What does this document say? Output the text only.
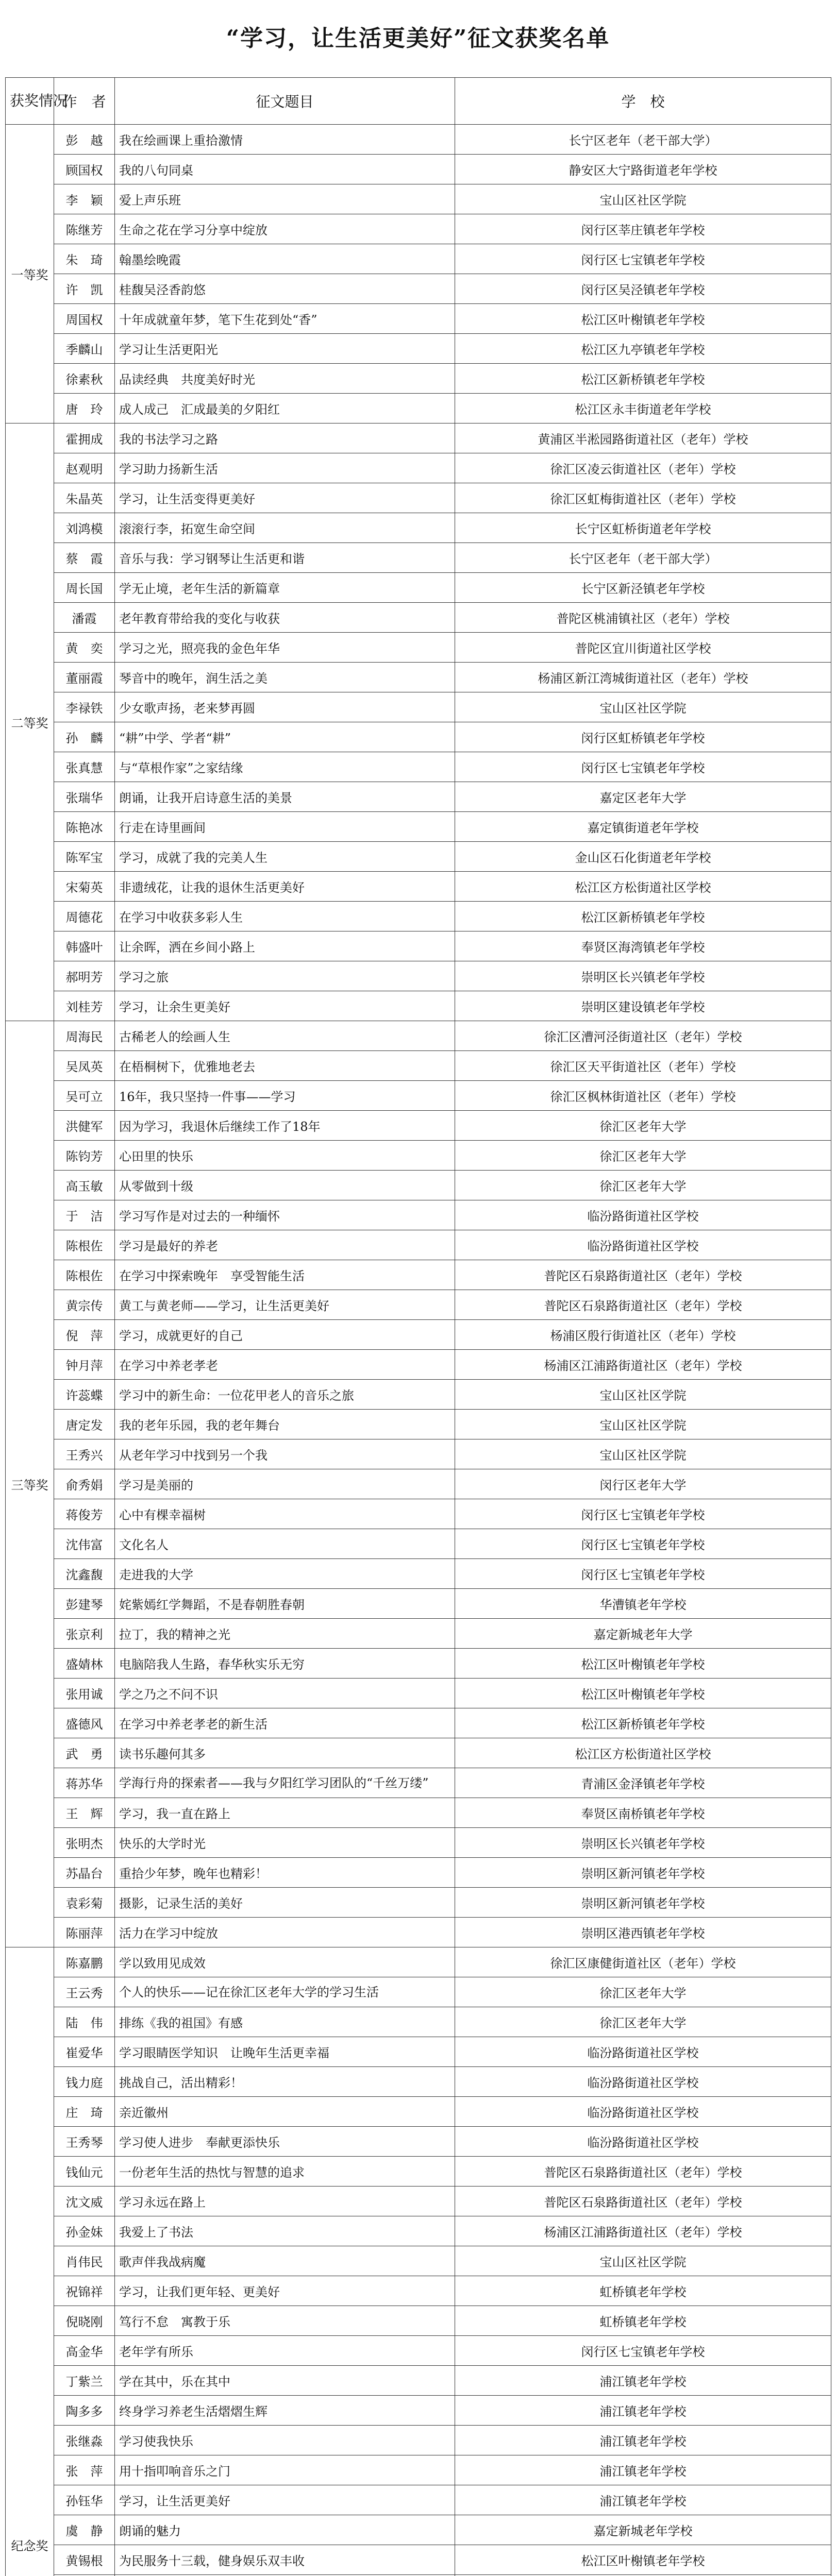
“学习，让生活更美好”征文获奖名单
获奖情况	作　者	征文题目	学　校
一等奖	彭　越	我在绘画课上重拾激情	长宁区老年（老干部大学）
	顾国权	我的八句同桌	静安区大宁路街道老年学校
	李　颖	爱上声乐班	宝山区社区学院
	陈继芳	生命之花在学习分享中绽放	闵行区莘庄镇老年学校
	朱　琦	翰墨绘晚霞	闵行区七宝镇老年学校
	许　凯	桂馥吴泾香韵悠	闵行区吴泾镇老年学校
	周国权	十年成就童年梦，笔下生花到处“香”	松江区叶榭镇老年学校
	季麟山	学习让生活更阳光	松江区九亭镇老年学校
	徐素秋	品读经典　共度美好时光	松江区新桥镇老年学校
	唐　玲	成人成己　汇成最美的夕阳红	松江区永丰街道老年学校
二等奖	霍拥成	我的书法学习之路	黄浦区半淞园路街道社区（老年）学校
	赵观明	学习助力扬新生活	徐汇区凌云街道社区（老年）学校
	朱晶英	学习，让生活变得更美好	徐汇区虹梅街道社区（老年）学校
	刘鸿模	滚滚行李，拓宽生命空间	长宁区虹桥街道老年学校
	蔡　霞	音乐与我：学习钢琴让生活更和谐	长宁区老年（老干部大学）
	周长国	学无止境，老年生活的新篇章	长宁区新泾镇老年学校
	潘霞	老年教育带给我的变化与收获	普陀区桃浦镇社区（老年）学校
	黄　奕	学习之光，照亮我的金色年华	普陀区宜川街道社区学校
	董丽霞	琴音中的晚年，润生活之美	杨浦区新江湾城街道社区（老年）学校
	李禄铁	少女歌声扬，老来梦再圆	宝山区社区学院
	孙　麟	“耕”中学、学者“耕”	闵行区虹桥镇老年学校
	张真慧	与“草根作家”之家结缘	闵行区七宝镇老年学校
	张瑞华	朗诵，让我开启诗意生活的美景	嘉定区老年大学
	陈艳冰	行走在诗里画间	嘉定镇街道老年学校
	陈军宝	学习，成就了我的完美人生	金山区石化街道老年学校
	宋菊英	非遗绒花，让我的退休生活更美好	松江区方松街道社区学校
	周德花	在学习中收获多彩人生	松江区新桥镇老年学校
	韩盛叶	让余晖，洒在乡间小路上	奉贤区海湾镇老年学校
	郝明芳	学习之旅	崇明区长兴镇老年学校
	刘桂芳	学习，让余生更美好	崇明区建设镇老年学校
三等奖	周海民	古稀老人的绘画人生	徐汇区漕河泾街道社区（老年）学校
	吴凤英	在梧桐树下，优雅地老去	徐汇区天平街道社区（老年）学校
	吴可立	16年，我只坚持一件事——学习	徐汇区枫林街道社区（老年）学校
	洪健军	因为学习，我退休后继续工作了18年	徐汇区老年大学
	陈钧芳	心田里的快乐	徐汇区老年大学
	高玉敏	从零做到十级	徐汇区老年大学
	于　洁	学习写作是对过去的一种缅怀	临汾路街道社区学校
	陈根佐	学习是最好的养老	临汾路街道社区学校
	陈根佐	在学习中探索晚年　享受智能生活	普陀区石泉路街道社区（老年）学校
	黄宗传	黄工与黄老师——学习，让生活更美好	普陀区石泉路街道社区（老年）学校
	倪　萍	学习，成就更好的自己	杨浦区殷行街道社区（老年）学校
	钟月萍	在学习中养老孝老	杨浦区江浦路街道社区（老年）学校
	许蕊蝶	学习中的新生命：一位花甲老人的音乐之旅	宝山区社区学院
	唐定发	我的老年乐园，我的老年舞台	宝山区社区学院
	王秀兴	从老年学习中找到另一个我	宝山区社区学院
	俞秀娟	学习是美丽的	闵行区老年大学
	蒋俊芳	心中有棵幸福树	闵行区七宝镇老年学校
	沈伟富	文化名人	闵行区七宝镇老年学校
	沈鑫馥	走进我的大学	闵行区七宝镇老年学校
	彭建琴	姹紫嫣红学舞蹈，不是春朝胜春朝	华漕镇老年学校
	张京利	拉丁，我的精神之光	嘉定新城老年大学
	盛婧林	电脑陪我人生路，春华秋实乐无穷	松江区叶榭镇老年学校
	张用诚	学之乃之不问不识	松江区叶榭镇老年学校
	盛德风	在学习中养老孝老的新生活	松江区新桥镇老年学校
	武　勇	读书乐趣何其多	松江区方松街道社区学校
	蒋苏华	学海行舟的探索者——我与夕阳红学习团队的“千丝万缕”	青浦区金泽镇老年学校
	王　辉	学习，我一直在路上	奉贤区南桥镇老年学校
	张明杰	快乐的大学时光	崇明区长兴镇老年学校
	苏晶台	重拾少年梦，晚年也精彩！	崇明区新河镇老年学校
	袁彩菊	摄影，记录生活的美好	崇明区新河镇老年学校
	陈丽萍	活力在学习中绽放	崇明区港西镇老年学校
纪念奖	陈嘉鹏	学以致用见成效	徐汇区康健街道社区（老年）学校
	王云秀	个人的快乐——记在徐汇区老年大学的学习生活	徐汇区老年大学
	陆　伟	排练《我的祖国》有感	徐汇区老年大学
	崔爱华	学习眼睛医学知识　让晚年生活更幸福	临汾路街道社区学校
	钱力庭	挑战自己，活出精彩！	临汾路街道社区学校
	庄　琦	亲近徽州	临汾路街道社区学校
	王秀琴	学习使人进步　奉献更添快乐	临汾路街道社区学校
	钱仙元	一份老年生活的热忱与智慧的追求	普陀区石泉路街道社区（老年）学校
	沈文威	学习永远在路上	普陀区石泉路街道社区（老年）学校
	孙金妹	我爱上了书法	杨浦区江浦路街道社区（老年）学校
	肖伟民	歌声伴我战病魔	宝山区社区学院
	祝锦祥	学习，让我们更年轻、更美好	虹桥镇老年学校
	倪晓刚	笃行不怠　寓教于乐	虹桥镇老年学校
	高金华	老年学有所乐	闵行区七宝镇老年学校
	丁紫兰	学在其中，乐在其中	浦江镇老年学校
	陶多多	终身学习养老生活熠熠生辉	浦江镇老年学校
	张继淼	学习使我快乐	浦江镇老年学校
	张　萍	用十指叩响音乐之门	浦江镇老年学校
	孙钰华	学习，让生活更美好	浦江镇老年学校
	虞　静	朗诵的魅力	嘉定新城老年学校
	黄锡根	为民服务十三载，健身娱乐双丰收	松江区叶榭镇老年学校
